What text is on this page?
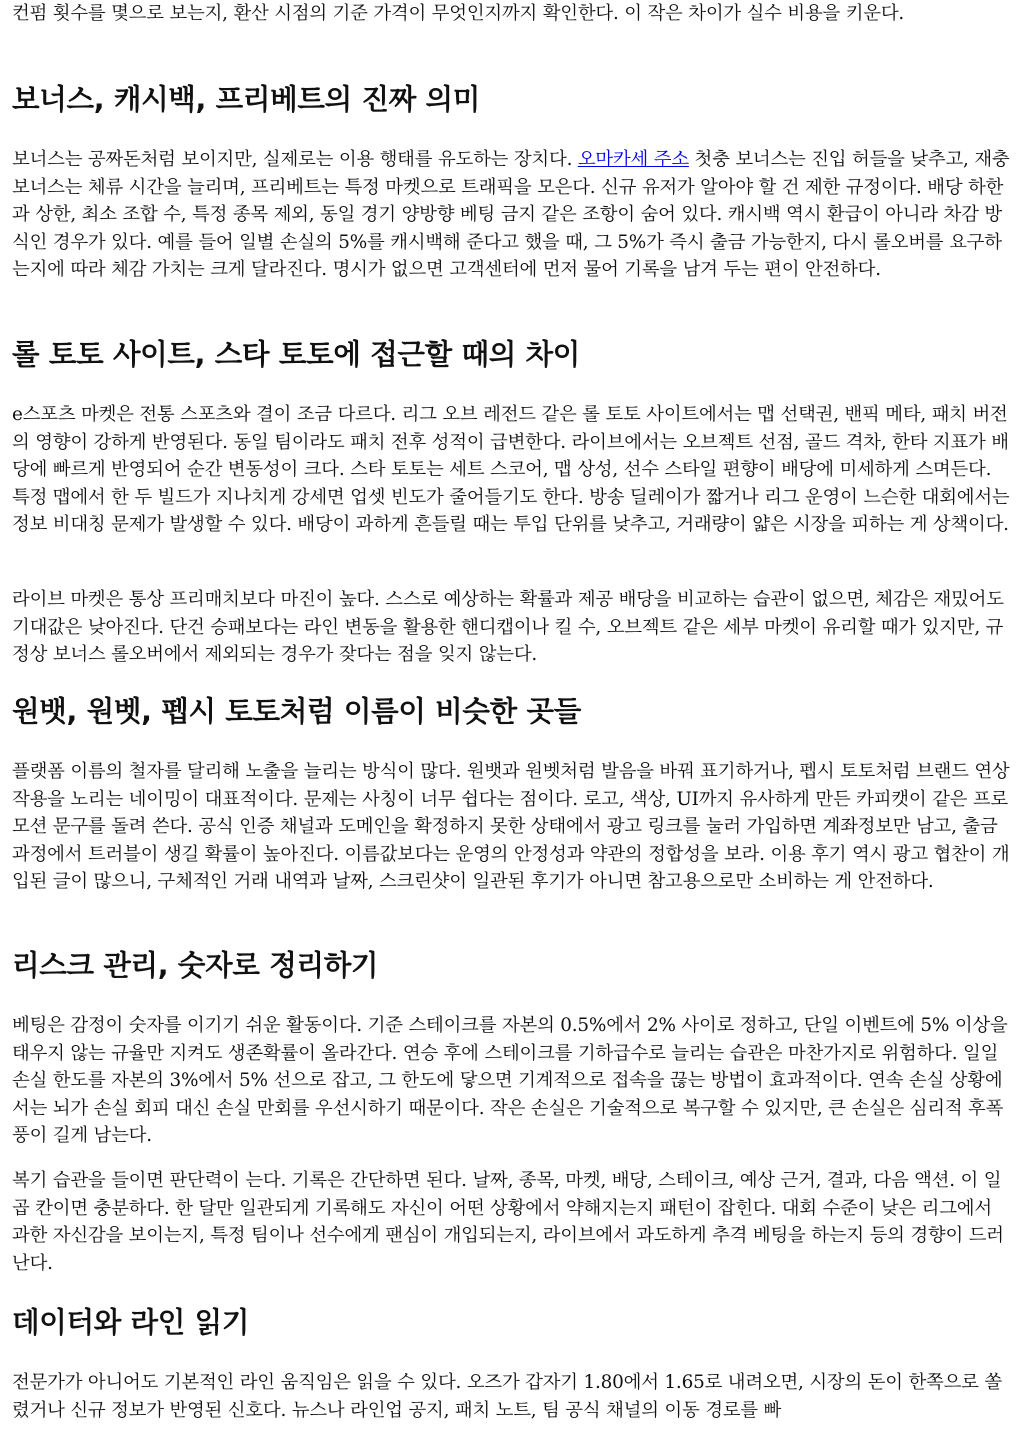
컨펌 횟수를 몇으로 보는지, 환산 시점의 기준 가격이 무엇인지까지 확인한다. 이 작은 차이가 실수 비용을 키운다.

보너스, 캐시백, 프리베트의 진짜 의미

보너스는 공짜돈처럼 보이지만, 실제로는 이용 행태를 유도하는 장치다. 오마카세 주소 첫충 보너스는 진입 허들을 낮추고, 재충 보너스는 체류 시간을 늘리며, 프리베트는 특정 마켓으로 트래픽을 모은다. 신규 유저가 알아야 할 건 제한 규정이다. 배당 하한과 상한, 최소 조합 수, 특정 종목 제외, 동일 경기 양방향 베팅 금지 같은 조항이 숨어 있다. 캐시백 역시 환급이 아니라 차감 방식인 경우가 있다. 예를 들어 일별 손실의 5%를 캐시백해 준다고 했을 때, 그 5%가 즉시 출금 가능한지, 다시 롤오버를 요구하는지에 따라 체감 가치는 크게 달라진다. 명시가 없으면 고객센터에 먼저 물어 기록을 남겨 두는 편이 안전하다.

롤 토토 사이트, 스타 토토에 접근할 때의 차이

e스포츠 마켓은 전통 스포츠와 결이 조금 다르다. 리그 오브 레전드 같은 롤 토토 사이트에서는 맵 선택권, 밴픽 메타, 패치 버전의 영향이 강하게 반영된다. 동일 팀이라도 패치 전후 성적이 급변한다. 라이브에서는 오브젝트 선점, 골드 격차, 한타 지표가 배당에 빠르게 반영되어 순간 변동성이 크다. 스타 토토는 세트 스코어, 맵 상성, 선수 스타일 편향이 배당에 미세하게 스며든다. 특정 맵에서 한 두 빌드가 지나치게 강세면 업셋 빈도가 줄어들기도 한다. 방송 딜레이가 짧거나 리그 운영이 느슨한 대회에서는 정보 비대칭 문제가 발생할 수 있다. 배당이 과하게 흔들릴 때는 투입 단위를 낮추고, 거래량이 얇은 시장을 피하는 게 상책이다.

라이브 마켓은 통상 프리매치보다 마진이 높다. 스스로 예상하는 확률과 제공 배당을 비교하는 습관이 없으면, 체감은 재밌어도 기대값은 낮아진다. 단건 승패보다는 라인 변동을 활용한 핸디캡이나 킬 수, 오브젝트 같은 세부 마켓이 유리할 때가 있지만, 규정상 보너스 롤오버에서 제외되는 경우가 잦다는 점을 잊지 않는다.

원뱃, 원벳, 펩시 토토처럼 이름이 비슷한 곳들

플랫폼 이름의 철자를 달리해 노출을 늘리는 방식이 많다. 원뱃과 원벳처럼 발음을 바꿔 표기하거나, 펩시 토토처럼 브랜드 연상 작용을 노리는 네이밍이 대표적이다. 문제는 사칭이 너무 쉽다는 점이다. 로고, 색상, UI까지 유사하게 만든 카피캣이 같은 프로모션 문구를 돌려 쓴다. 공식 인증 채널과 도메인을 확정하지 못한 상태에서 광고 링크를 눌러 가입하면 계좌정보만 남고, 출금 과정에서 트러블이 생길 확률이 높아진다. 이름값보다는 운영의 안정성과 약관의 정합성을 보라. 이용 후기 역시 광고 협찬이 개입된 글이 많으니, 구체적인 거래 내역과 날짜, 스크린샷이 일관된 후기가 아니면 참고용으로만 소비하는 게 안전하다.

리스크 관리, 숫자로 정리하기

베팅은 감정이 숫자를 이기기 쉬운 활동이다. 기준 스테이크를 자본의 0.5%에서 2% 사이로 정하고, 단일 이벤트에 5% 이상을 태우지 않는 규율만 지켜도 생존확률이 올라간다. 연승 후에 스테이크를 기하급수로 늘리는 습관은 마찬가지로 위험하다. 일일 손실 한도를 자본의 3%에서 5% 선으로 잡고, 그 한도에 닿으면 기계적으로 접속을 끊는 방법이 효과적이다. 연속 손실 상황에서는 뇌가 손실 회피 대신 손실 만회를 우선시하기 때문이다. 작은 손실은 기술적으로 복구할 수 있지만, 큰 손실은 심리적 후폭풍이 길게 남는다.

복기 습관을 들이면 판단력이 는다. 기록은 간단하면 된다. 날짜, 종목, 마켓, 배당, 스테이크, 예상 근거, 결과, 다음 액션. 이 일곱 칸이면 충분하다. 한 달만 일관되게 기록해도 자신이 어떤 상황에서 약해지는지 패턴이 잡힌다. 대회 수준이 낮은 리그에서 과한 자신감을 보이는지, 특정 팀이나 선수에게 팬심이 개입되는지, 라이브에서 과도하게 추격 베팅을 하는지 등의 경향이 드러난다.

데이터와 라인 읽기

전문가가 아니어도 기본적인 라인 움직임은 읽을 수 있다. 오즈가 갑자기 1.80에서 1.65로 내려오면, 시장의 돈이 한쪽으로 쏠렸거나 신규 정보가 반영된 신호다. 뉴스나 라인업 공지, 패치 노트, 팀 공식 채널의 이동 경로를 빠
